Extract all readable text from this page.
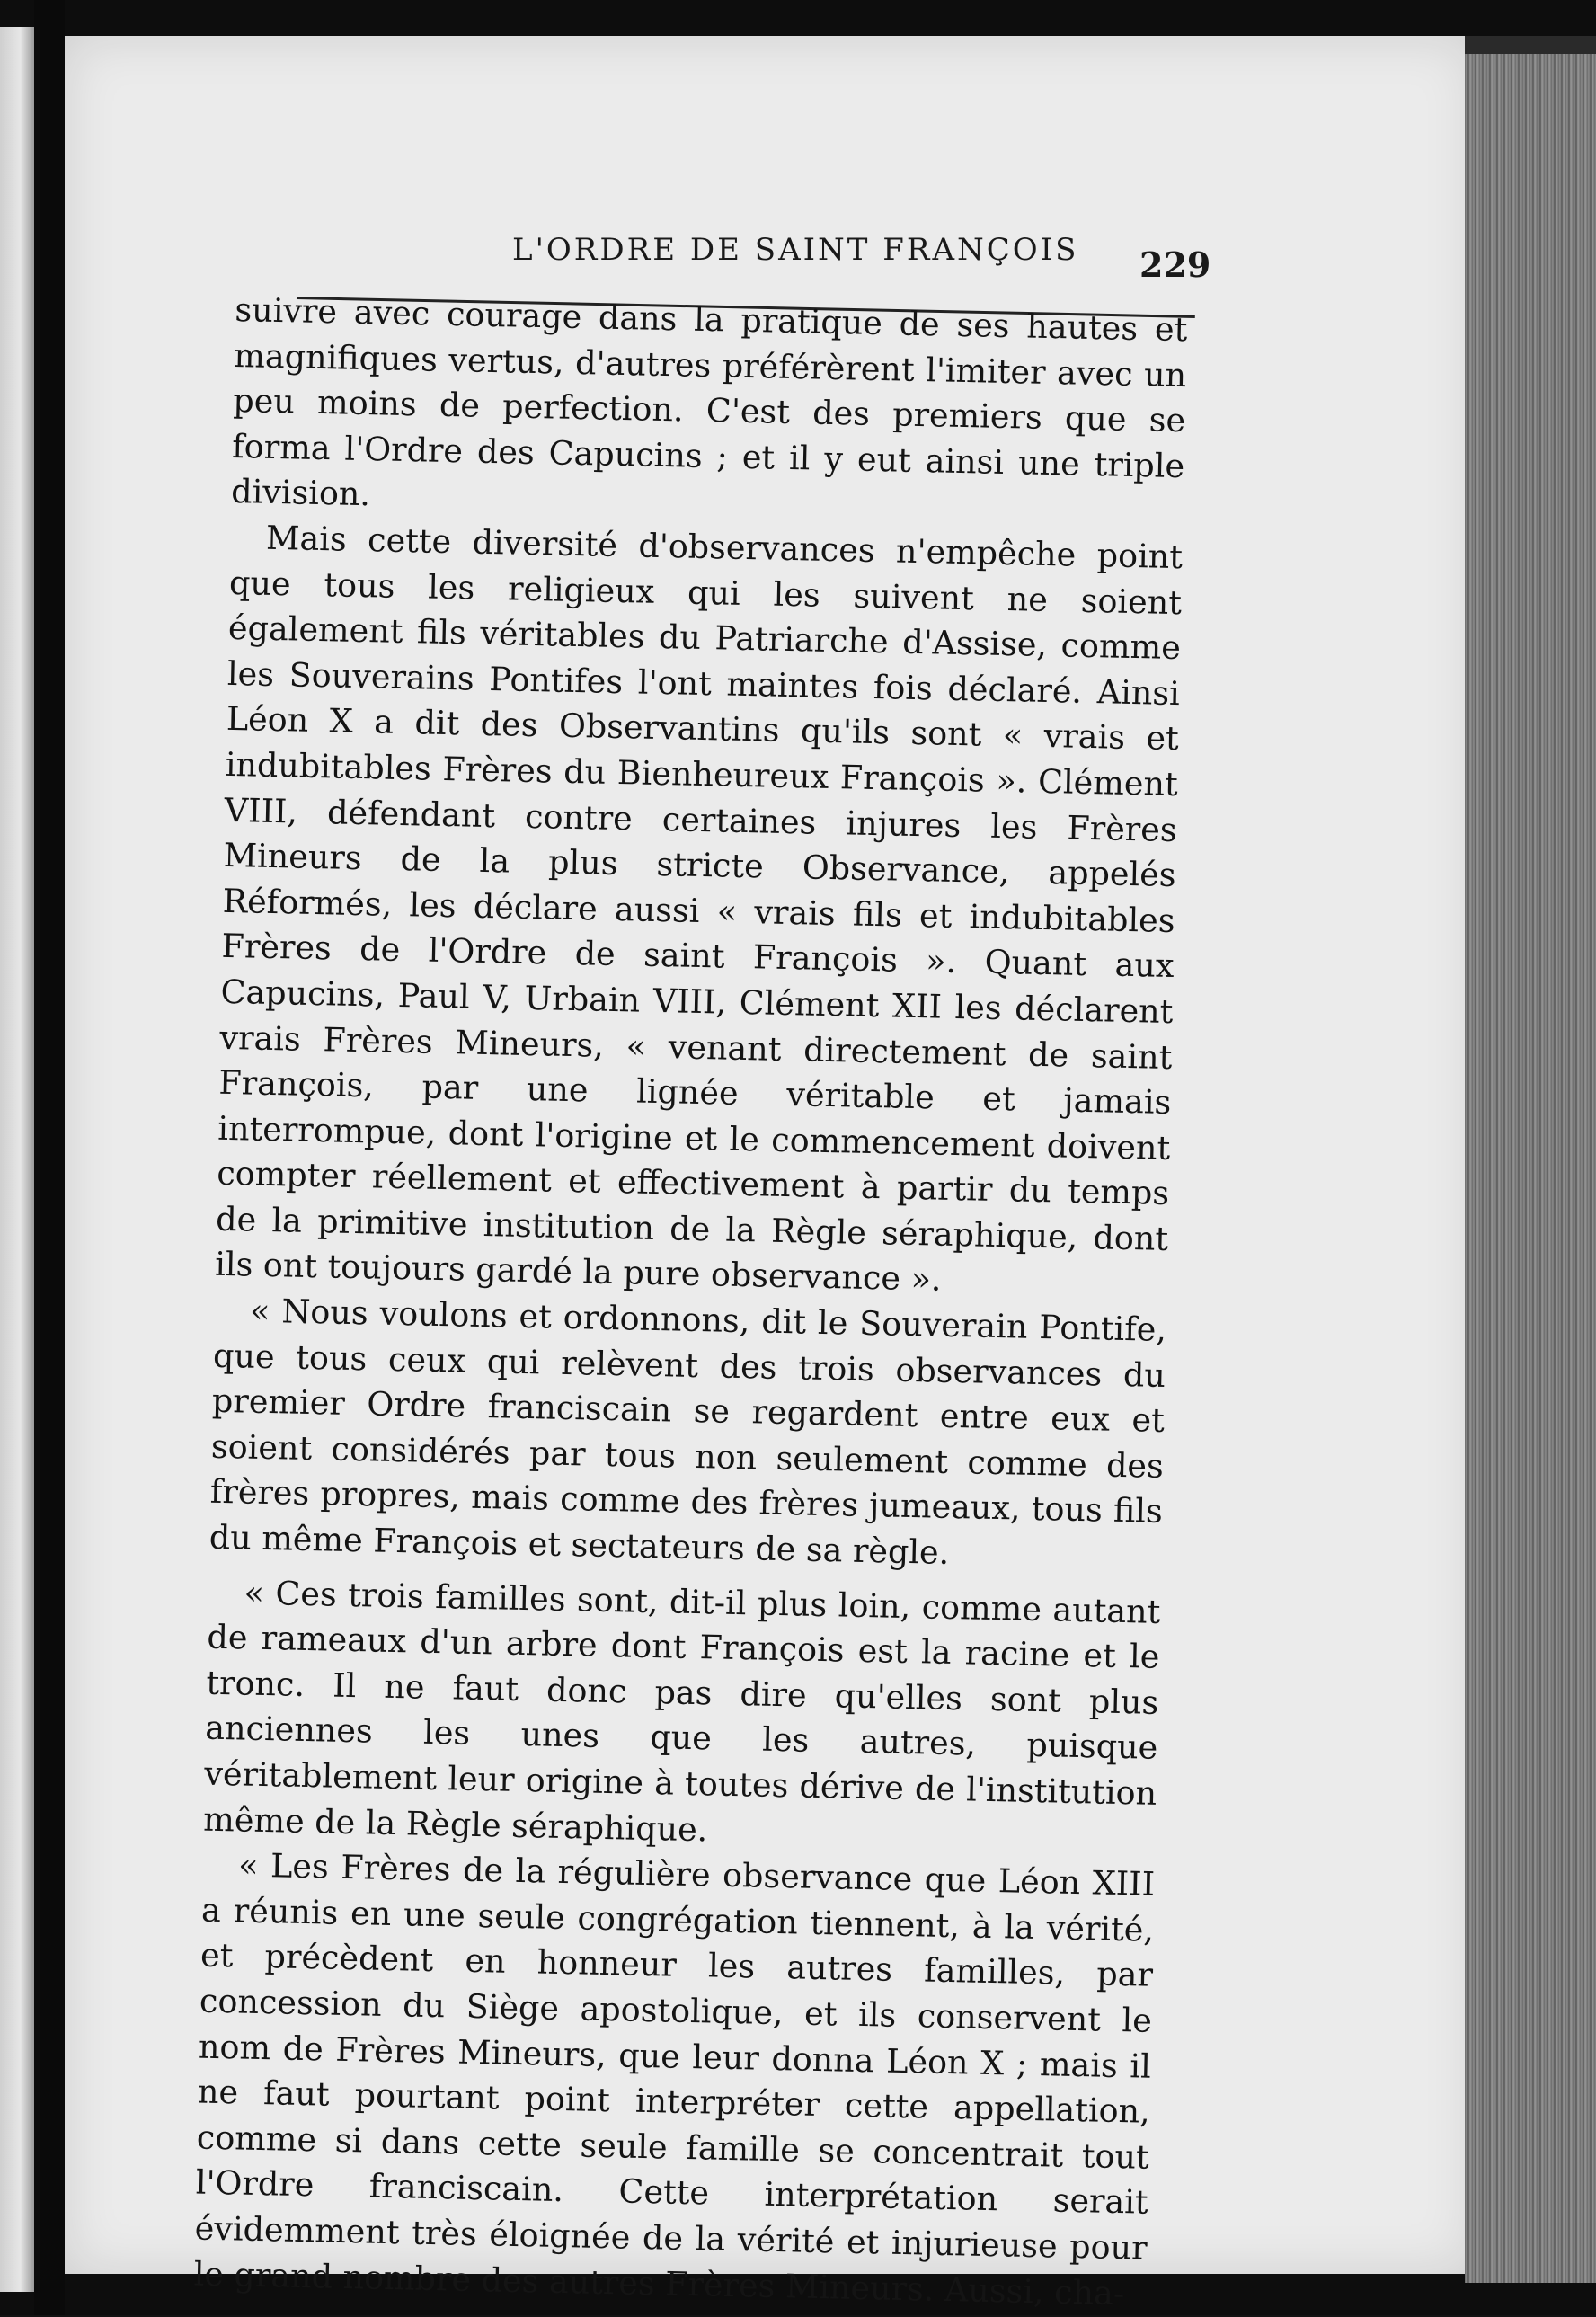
L'ORDRE DE SAINT FRANÇOIS 229

suivre avec courage dans la pratique de ses hautes et magnifiques vertus, d'autres préférèrent l'imiter avec un peu moins de perfection. C'est des premiers que se forma l'Ordre des Capucins ; et il y eut ainsi une triple division.

Mais cette diversité d'observances n'empêche point que tous les religieux qui les suivent ne soient également fils véritables du Patriarche d'Assise, comme les Souverains Pontifes l'ont maintes fois déclaré. Ainsi Léon X a dit des Observantins qu'ils sont « vrais et indubitables Frères du Bienheureux François ». Clément VIII, défendant contre certaines injures les Frères Mineurs de la plus stricte Observance, appelés Réformés, les déclare aussi « vrais fils et indubitables Frères de l'Ordre de saint François ». Quant aux Capucins, Paul V, Urbain VIII, Clément XII les déclarent vrais Frères Mineurs, « venant directement de saint François, par une lignée véritable et jamais interrompue, dont l'origine et le commencement doivent compter réellement et effectivement à partir du temps de la primitive institution de la Règle séraphique, dont ils ont toujours gardé la pure observance ».

« Nous voulons et ordonnons, dit le Souverain Pontife, que tous ceux qui relèvent des trois observances du premier Ordre franciscain se regardent entre eux et soient considérés par tous non seulement comme des frères propres, mais comme des frères jumeaux, tous fils du même François et sectateurs de sa règle.

« Ces trois familles sont, dit-il plus loin, comme autant de rameaux d'un arbre dont François est la racine et le tronc. Il ne faut donc pas dire qu'elles sont plus anciennes les unes que les autres, puisque véritablement leur origine à toutes dérive de l'institution même de la Règle séraphique.

« Les Frères de la régulière observance que Léon XIII a réunis en une seule congrégation tiennent, à la vérité, et précèdent en honneur les autres familles, par concession du Siège apostolique, et ils conservent le nom de Frères Mineurs, que leur donna Léon X ; mais il ne faut pourtant point interpréter cette appellation, comme si dans cette seule famille se concentrait tout l'Ordre franciscain. Cette interprétation serait évidemment très éloignée de la vérité et injurieuse pour le grand nombre des autres Frères Mineurs. Aussi, cha-
